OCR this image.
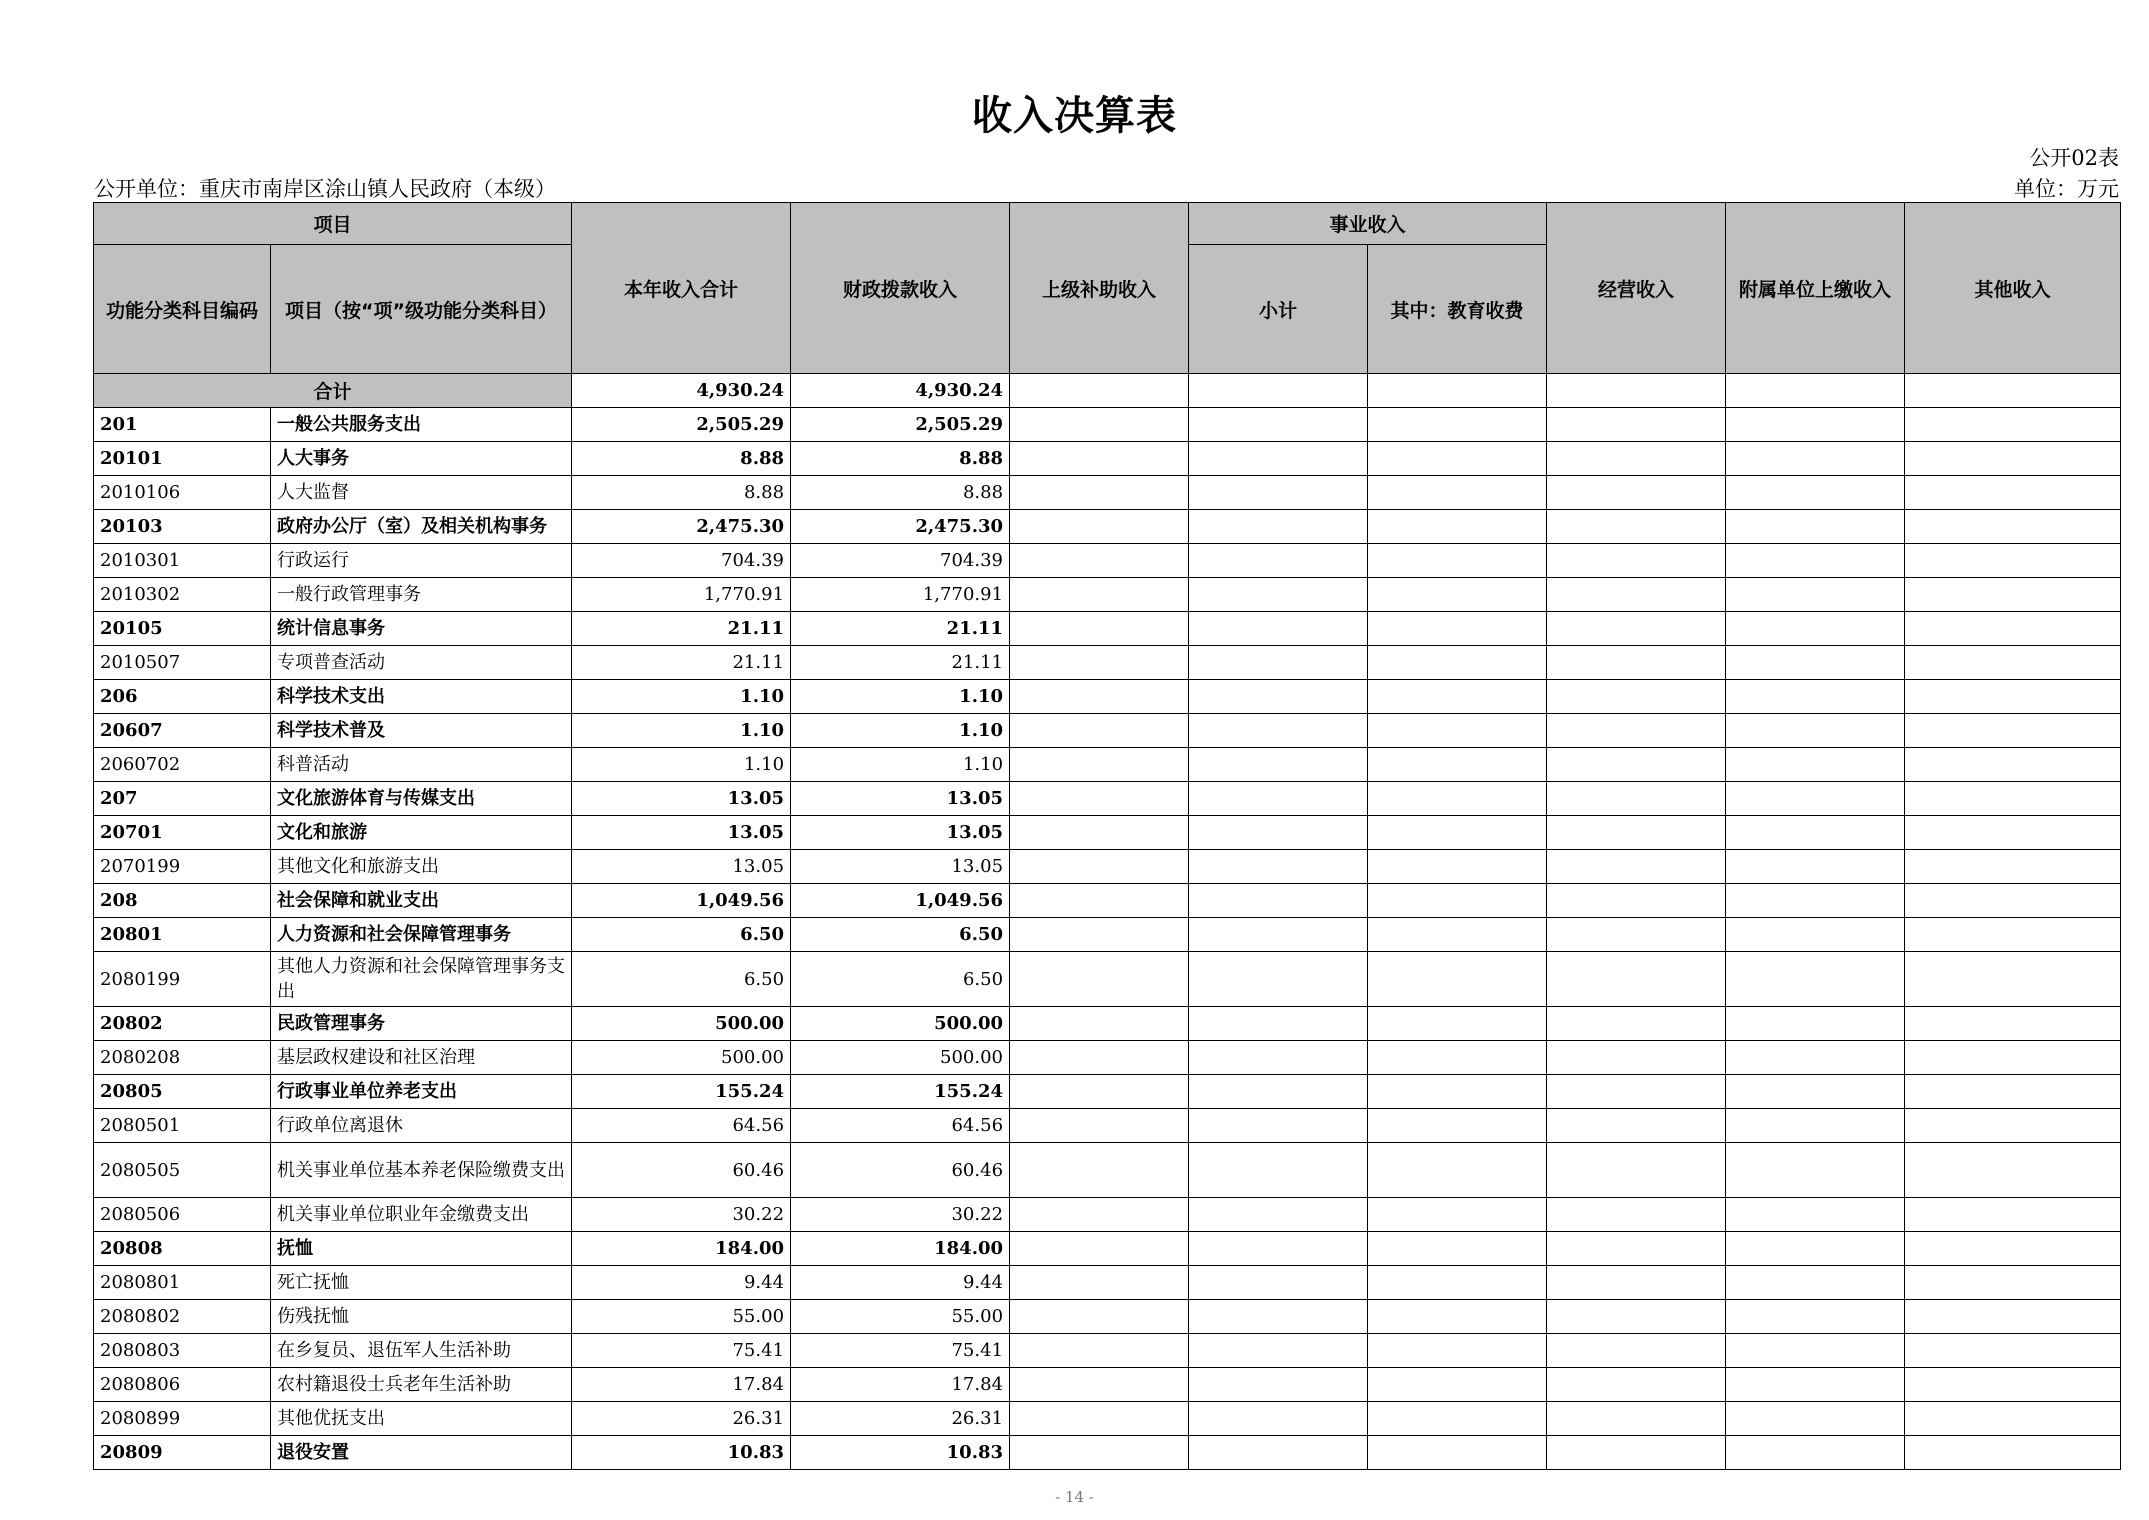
收入决算表
公开02表
公开单位：重庆市南岸区涂山镇人民政府（本级）	单位：万元
项目		本年收入合计	财政拨款收入	上级补助收入	事业收入		经营收入	附属单位上缴收入	其他收入
功能分类科目编码	项目（按“项”级功能分类科目）				小计	其中：教育收费			
合计		4,930.24	4,930.24						
201	一般公共服务支出	2,505.29	2,505.29						
20101	人大事务	8.88	8.88						
2010106	人大监督	8.88	8.88						
20103	政府办公厅（室）及相关机构事务	2,475.30	2,475.30						
2010301	行政运行	704.39	704.39						
2010302	一般行政管理事务	1,770.91	1,770.91						
20105	统计信息事务	21.11	21.11						
2010507	专项普查活动	21.11	21.11						
206	科学技术支出	1.10	1.10						
20607	科学技术普及	1.10	1.10						
2060702	科普活动	1.10	1.10						
207	文化旅游体育与传媒支出	13.05	13.05						
20701	文化和旅游	13.05	13.05						
2070199	其他文化和旅游支出	13.05	13.05						
208	社会保障和就业支出	1,049.56	1,049.56						
20801	人力资源和社会保障管理事务	6.50	6.50						
2080199	其他人力资源和社会保障管理事务支出	6.50	6.50						
20802	民政管理事务	500.00	500.00						
2080208	基层政权建设和社区治理	500.00	500.00						
20805	行政事业单位养老支出	155.24	155.24						
2080501	行政单位离退休	64.56	64.56						
2080505	机关事业单位基本养老保险缴费支出	60.46	60.46						
2080506	机关事业单位职业年金缴费支出	30.22	30.22						
20808	抚恤	184.00	184.00						
2080801	死亡抚恤	9.44	9.44						
2080802	伤残抚恤	55.00	55.00						
2080803	在乡复员、退伍军人生活补助	75.41	75.41						
2080806	农村籍退役士兵老年生活补助	17.84	17.84						
2080899	其他优抚支出	26.31	26.31						
20809	退役安置	10.83	10.83						
- 14 -
